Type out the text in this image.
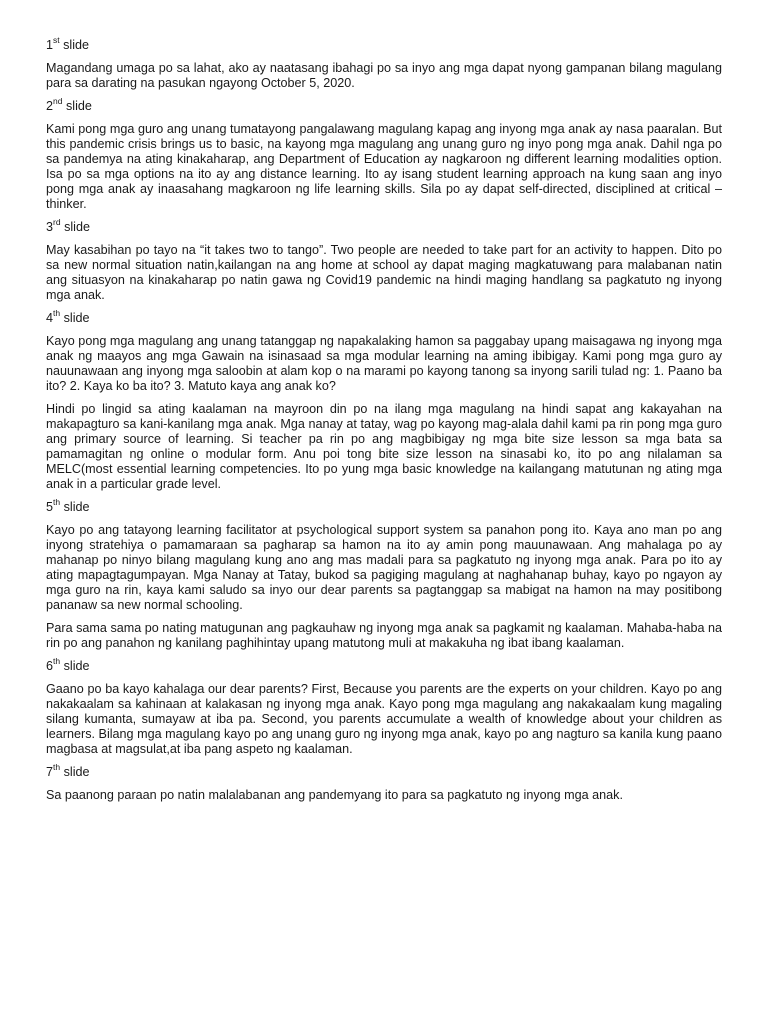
1st slide

Magandang umaga po sa lahat, ako ay naatasang ibahagi po sa inyo ang mga dapat nyong gampanan bilang magulang para sa darating na pasukan ngayong October 5, 2020.

2nd slide

Kami pong mga guro ang unang tumatayong pangalawang magulang kapag ang inyong mga anak ay nasa paaralan. But this pandemic crisis brings us to basic, na kayong mga magulang ang unang guro ng inyo pong mga anak. Dahil nga po sa pandemya na ating kinakaharap, ang Department of Education ay nagkaroon ng different learning modalities option. Isa po sa mga options na ito ay ang distance learning. Ito ay isang student learning approach na kung saan ang inyo pong mga anak ay inaasahang magkaroon ng life learning skills. Sila po ay dapat self-directed, disciplined at critical – thinker.

3rd slide

May kasabihan po tayo na “it takes two to tango”. Two people are needed to take part for an activity to happen. Dito po sa new normal situation natin,kailangan na ang home at school ay dapat maging magkatuwang para malabanan natin ang situasyon na kinakaharap po natin gawa ng Covid19 pandemic na hindi maging handlang sa pagkatuto ng inyong mga anak.

4th slide

Kayo pong mga magulang ang unang tatanggap ng napakalaking hamon sa paggabay upang maisagawa ng inyong mga anak ng maayos ang mga Gawain na isinasaad sa mga modular learning na aming ibibigay. Kami pong mga guro ay nauunawaan ang inyong mga saloobin at alam kop o na marami po kayong tanong sa inyong sarili tulad ng: 1. Paano ba ito? 2. Kaya ko ba ito? 3. Matuto kaya ang anak ko?

Hindi po lingid sa ating kaalaman na mayroon din po na ilang mga magulang na hindi sapat ang kakayahan na makapagturo sa kani-kanilang mga anak. Mga nanay at tatay, wag po kayong mag-alala dahil kami pa rin pong mga guro ang primary source of learning. Si teacher pa rin po ang magbibigay ng mga bite size lesson sa mga bata sa pamamagitan ng online o modular form. Anu poi tong bite size lesson na sinasabi ko, ito po ang nilalaman sa MELC(most essential learning competencies. Ito po yung mga basic knowledge na kailangang matutunan ng ating mga anak in a particular grade level.

5th slide

Kayo po ang tatayong learning facilitator at psychological support system sa panahon pong ito. Kaya ano man po ang inyong stratehiya o pamamaraan sa pagharap sa hamon na ito ay amin pong mauunawaan. Ang mahalaga po ay mahanap po ninyo bilang magulang kung ano ang mas madali para sa pagkatuto ng inyong mga anak. Para po ito ay ating mapagtagumpayan. Mga Nanay at Tatay, bukod sa pagiging magulang at naghahanap buhay, kayo po ngayon ay mga guro na rin, kaya kami saludo sa inyo our dear parents sa pagtanggap sa mabigat na hamon na may positibong pananaw sa new normal schooling.

Para sama sama po nating matugunan ang pagkauhaw ng inyong mga anak sa pagkamit ng kaalaman. Mahaba-haba na rin po ang panahon ng kanilang paghihintay upang matutong muli at makakuha ng ibat ibang kaalaman.

6th slide

Gaano po ba kayo kahalaga our dear parents? First, Because you parents are the experts on your children. Kayo po ang nakakaalam sa kahinaan at kalakasan ng inyong mga anak. Kayo pong mga magulang ang nakakaalam kung magaling silang kumanta, sumayaw at iba pa. Second, you parents accumulate a wealth of knowledge about your children as learners. Bilang mga magulang kayo po ang unang guro ng inyong mga anak, kayo po ang nagturo sa kanila kung paano magbasa at magsulat,at iba pang aspeto ng kaalaman.

7th slide

Sa paanong paraan po natin malalabanan ang pandemyang ito para sa pagkatuto ng inyong mga anak.
